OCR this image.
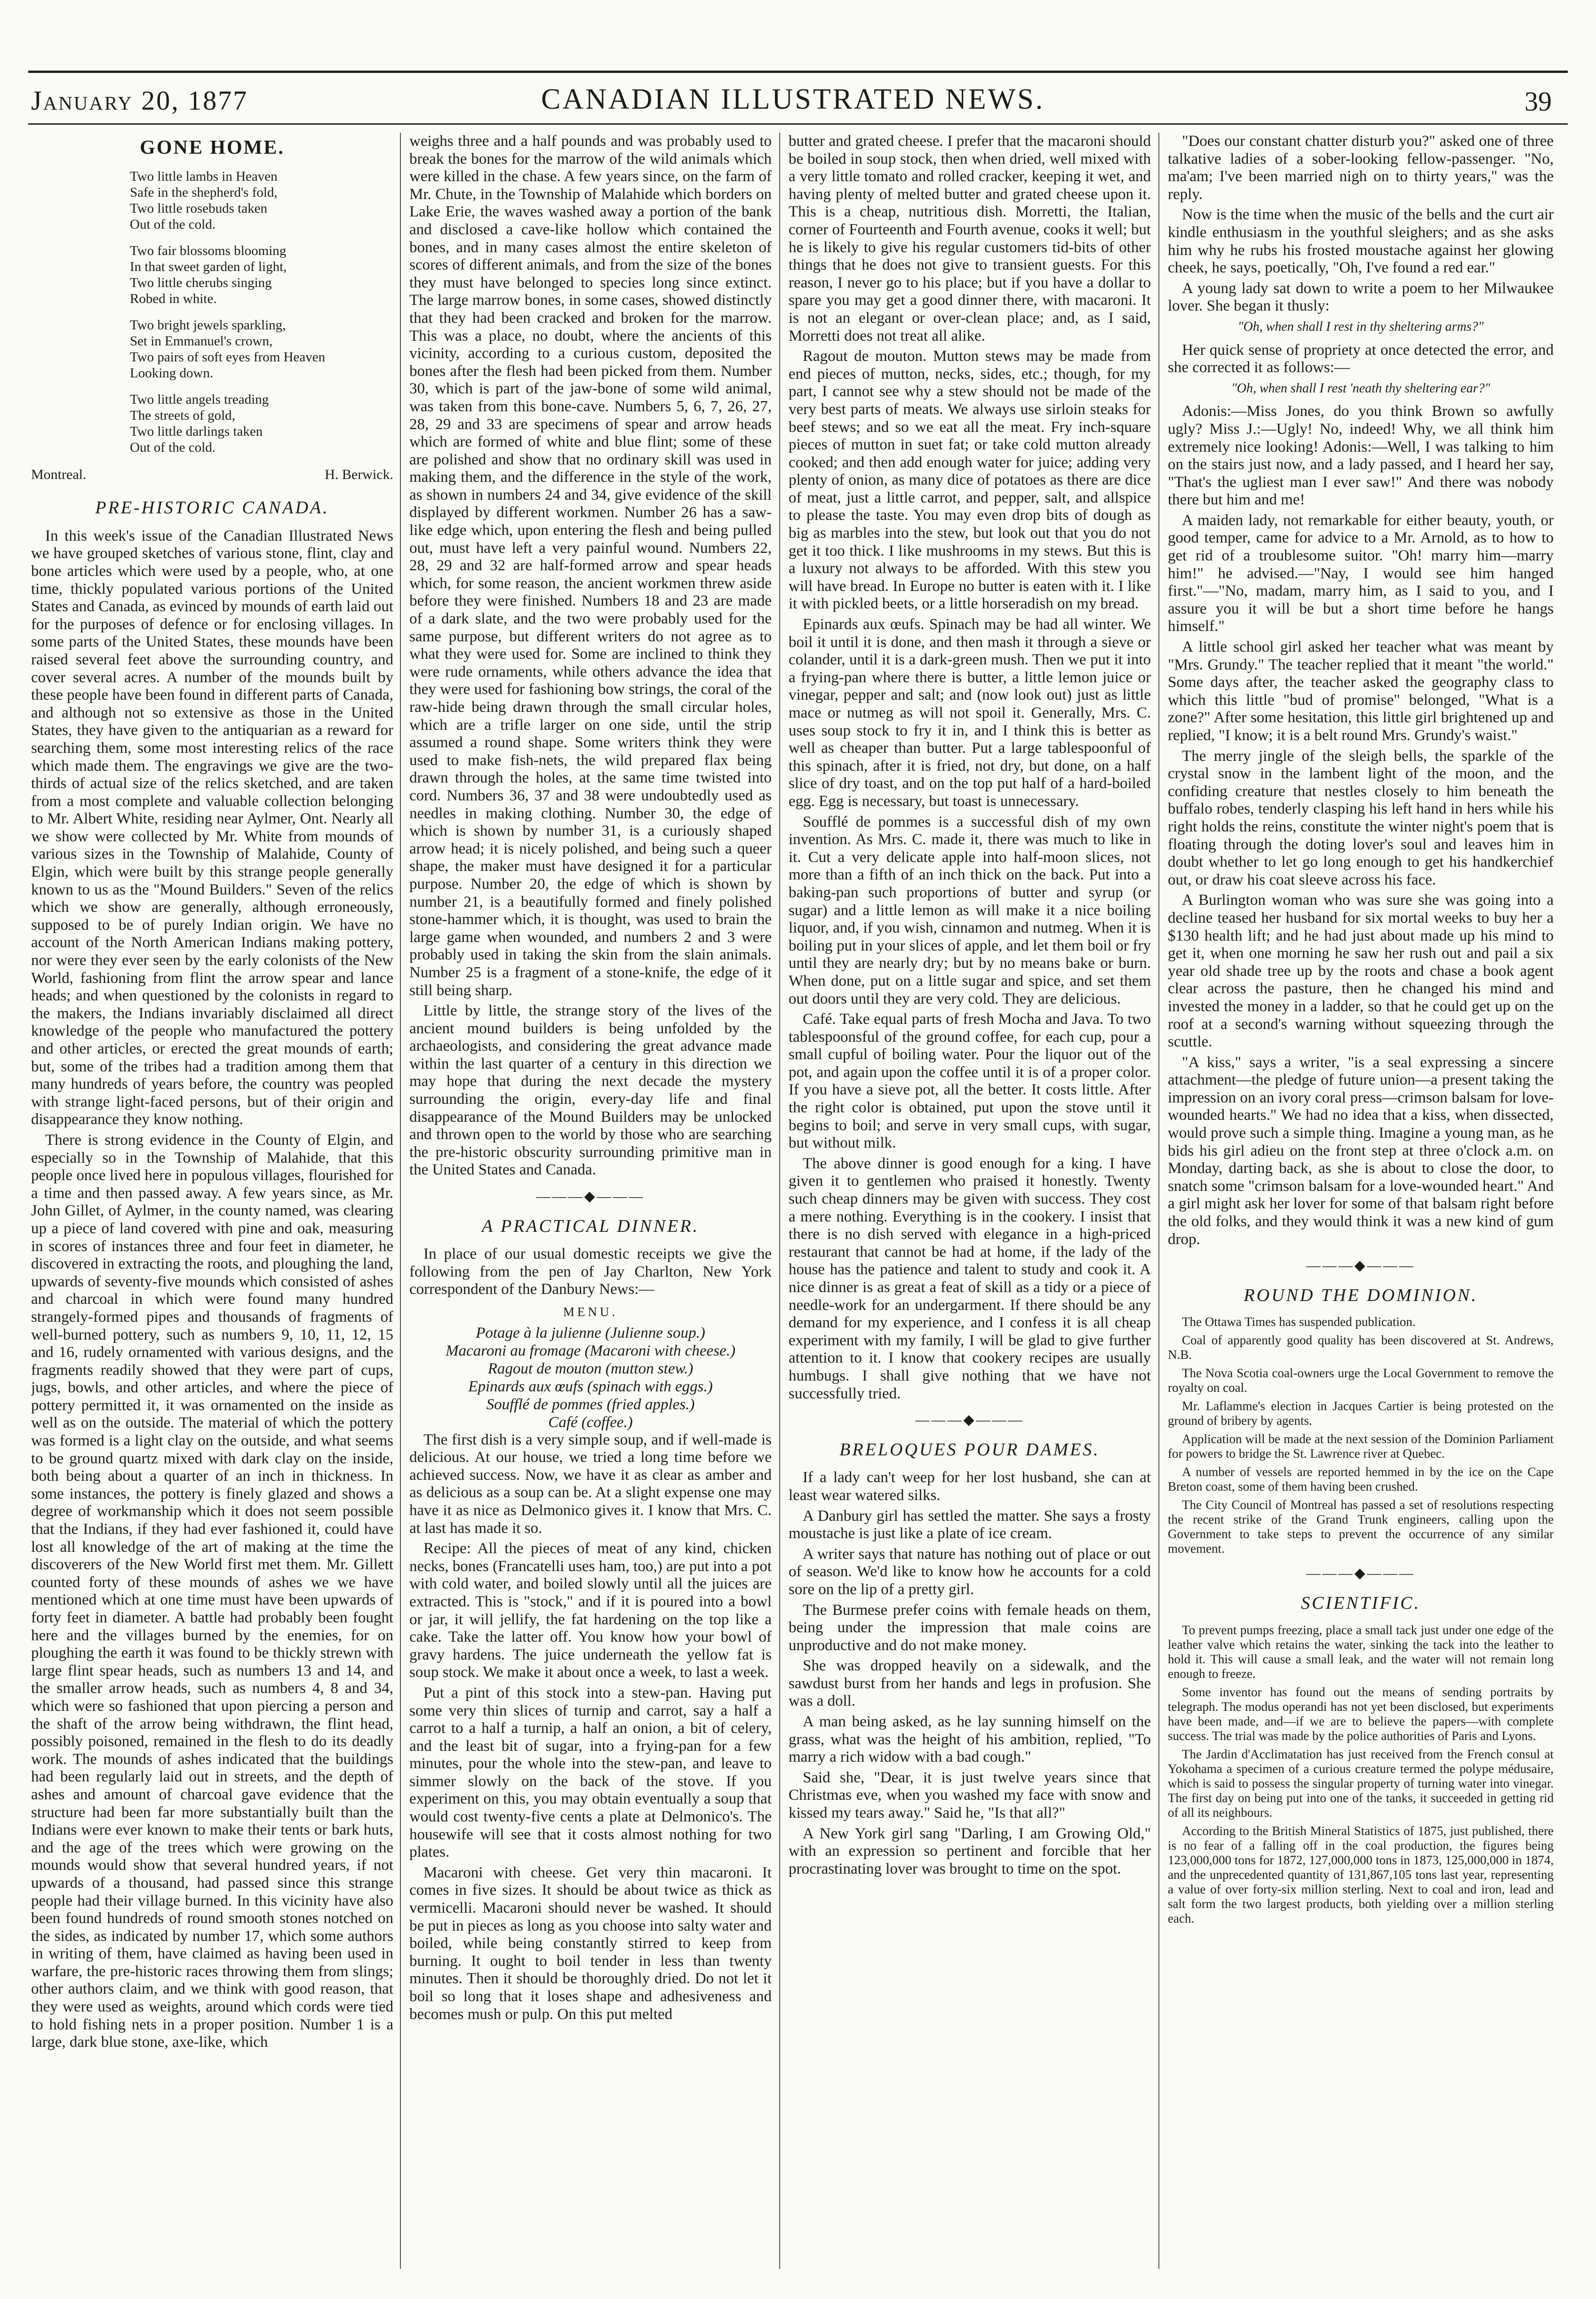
January 20, 1877	CANADIAN ILLUSTRATED NEWS.	39
GONE HOME.
Two little lambs in Heaven
Safe in the shepherd's fold,
Two little rosebuds taken
Out of the cold.
Two fair blossoms blooming
In that sweet garden of light,
Two little cherubs singing
Robed in white.
Two bright jewels sparkling,
Set in Emmanuel's crown,
Two pairs of soft eyes from Heaven
Looking down.
Two little angels treading
The streets of gold,
Two little darlings taken
Out of the cold.
Montreal.	H. Berwick.
PRE-HISTORIC CANADA.

In this week's issue of the Canadian Illustrated News we have grouped sketches of various stone, flint, clay and bone articles which were used by a people, who, at one time, thickly populated various portions of the United States and Canada, as evinced by mounds of earth laid out for the purposes of defence or for enclosing villages. In some parts of the United States, these mounds have been raised several feet above the surrounding country, and cover several acres. A number of the mounds built by these people have been found in different parts of Canada, and although not so extensive as those in the United States, they have given to the antiquarian as a reward for searching them, some most interesting relics of the race which made them. The engravings we give are the two-thirds of actual size of the relics sketched, and are taken from a most complete and valuable collection belonging to Mr. Albert White, residing near Aylmer, Ont. Nearly all we show were collected by Mr. White from mounds of various sizes in the Township of Malahide, County of Elgin, which were built by this strange people generally known to us as the "Mound Builders." Seven of the relics which we show are generally, although erroneously, supposed to be of purely Indian origin. We have no account of the North American Indians making pottery, nor were they ever seen by the early colonists of the New World, fashioning from flint the arrow spear and lance heads; and when questioned by the colonists in regard to the makers, the Indians invariably disclaimed all direct knowledge of the people who manufactured the pottery and other articles, or erected the great mounds of earth; but, some of the tribes had a tradition among them that many hundreds of years before, the country was peopled with strange light-faced persons, but of their origin and disappearance they know nothing.

There is strong evidence in the County of Elgin, and especially so in the Township of Malahide, that this people once lived here in populous villages, flourished for a time and then passed away. A few years since, as Mr. John Gillet, of Aylmer, in the county named, was clearing up a piece of land covered with pine and oak, measuring in scores of instances three and four feet in diameter, he discovered in extracting the roots, and ploughing the land, upwards of seventy-five mounds which consisted of ashes and charcoal in which were found many hundred strangely-formed pipes and thousands of fragments of well-burned pottery, such as numbers 9, 10, 11, 12, 15 and 16, rudely ornamented with various designs, and the fragments readily showed that they were part of cups, jugs, bowls, and other articles, and where the piece of pottery permitted it, it was ornamented on the inside as well as on the outside. The material of which the pottery was formed is a light clay on the outside, and what seems to be ground quartz mixed with dark clay on the inside, both being about a quarter of an inch in thickness. In some instances, the pottery is finely glazed and shows a degree of workmanship which it does not seem possible that the Indians, if they had ever fashioned it, could have lost all knowledge of the art of making at the time the discoverers of the New World first met them. Mr. Gillett counted forty of these mounds of ashes we we have mentioned which at one time must have been upwards of forty feet in diameter. A battle had probably been fought here and the villages burned by the enemies, for on ploughing the earth it was found to be thickly strewn with large flint spear heads, such as numbers 13 and 14, and the smaller arrow heads, such as numbers 4, 8 and 34, which were so fashioned that upon piercing a person and the shaft of the arrow being withdrawn, the flint head, possibly poisoned, remained in the flesh to do its deadly work. The mounds of ashes indicated that the buildings had been regularly laid out in streets, and the depth of ashes and amount of charcoal gave evidence that the structure had been far more substantially built than the Indians were ever known to make their tents or bark huts, and the age of the trees which were growing on the mounds would show that several hundred years, if not upwards of a thousand, had passed since this strange people had their village burned. In this vicinity have also been found hundreds of round smooth stones notched on the sides, as indicated by number 17, which some authors in writing of them, have claimed as having been used in warfare, the pre-historic races throwing them from slings; other authors claim, and we think with good reason, that they were used as weights, around which cords were tied to hold fishing nets in a proper position. Number 1 is a large, dark blue stone, axe-like, which

weighs three and a half pounds and was probably used to break the bones for the marrow of the wild animals which were killed in the chase. A few years since, on the farm of Mr. Chute, in the Township of Malahide which borders on Lake Erie, the waves washed away a portion of the bank and disclosed a cave-like hollow which contained the bones, and in many cases almost the entire skeleton of scores of different animals, and from the size of the bones they must have belonged to species long since extinct. The large marrow bones, in some cases, showed distinctly that they had been cracked and broken for the marrow. This was a place, no doubt, where the ancients of this vicinity, according to a curious custom, deposited the bones after the flesh had been picked from them. Number 30, which is part of the jaw-bone of some wild animal, was taken from this bone-cave. Numbers 5, 6, 7, 26, 27, 28, 29 and 33 are specimens of spear and arrow heads which are formed of white and blue flint; some of these are polished and show that no ordinary skill was used in making them, and the difference in the style of the work, as shown in numbers 24 and 34, give evidence of the skill displayed by different workmen. Number 26 has a saw-like edge which, upon entering the flesh and being pulled out, must have left a very painful wound. Numbers 22, 28, 29 and 32 are half-formed arrow and spear heads which, for some reason, the ancient workmen threw aside before they were finished. Numbers 18 and 23 are made of a dark slate, and the two were probably used for the same purpose, but different writers do not agree as to what they were used for. Some are inclined to think they were rude ornaments, while others advance the idea that they were used for fashioning bow strings, the coral of the raw-hide being drawn through the small circular holes, which are a trifle larger on one side, until the strip assumed a round shape. Some writers think they were used to make fish-nets, the wild prepared flax being drawn through the holes, at the same time twisted into cord. Numbers 36, 37 and 38 were undoubtedly used as needles in making clothing. Number 30, the edge of which is shown by number 31, is a curiously shaped arrow head; it is nicely polished, and being such a queer shape, the maker must have designed it for a particular purpose. Number 20, the edge of which is shown by number 21, is a beautifully formed and finely polished stone-hammer which, it is thought, was used to brain the large game when wounded, and numbers 2 and 3 were probably used in taking the skin from the slain animals. Number 25 is a fragment of a stone-knife, the edge of it still being sharp.

Little by little, the strange story of the lives of the ancient mound builders is being unfolded by the archaeologists, and considering the great advance made within the last quarter of a century in this direction we may hope that during the next decade the mystery surrounding the origin, every-day life and final disappearance of the Mound Builders may be unlocked and thrown open to the world by those who are searching the pre-historic obscurity surrounding primitive man in the United States and Canada.

———◆———
A PRACTICAL DINNER.

In place of our usual domestic receipts we give the following from the pen of Jay Charlton, New York correspondent of the Danbury News:—

MENU.
Potage à la julienne (Julienne soup.)
Macaroni au fromage (Macaroni with cheese.)
Ragout de mouton (mutton stew.)
Epinards aux œufs (spinach with eggs.)
Soufflé de pommes (fried apples.)
Café (coffee.)

The first dish is a very simple soup, and if well-made is delicious. At our house, we tried a long time before we achieved success. Now, we have it as clear as amber and as delicious as a soup can be. At a slight expense one may have it as nice as Delmonico gives it. I know that Mrs. C. at last has made it so.

Recipe: All the pieces of meat of any kind, chicken necks, bones (Francatelli uses ham, too,) are put into a pot with cold water, and boiled slowly until all the juices are extracted. This is "stock," and if it is poured into a bowl or jar, it will jellify, the fat hardening on the top like a cake. Take the latter off. You know how your bowl of gravy hardens. The juice underneath the yellow fat is soup stock. We make it about once a week, to last a week.

Put a pint of this stock into a stew-pan. Having put some very thin slices of turnip and carrot, say a half a carrot to a half a turnip, a half an onion, a bit of celery, and the least bit of sugar, into a frying-pan for a few minutes, pour the whole into the stew-pan, and leave to simmer slowly on the back of the stove. If you experiment on this, you may obtain eventually a soup that would cost twenty-five cents a plate at Delmonico's. The housewife will see that it costs almost nothing for two plates.

Macaroni with cheese. Get very thin macaroni. It comes in five sizes. It should be about twice as thick as vermicelli. Macaroni should never be washed. It should be put in pieces as long as you choose into salty water and boiled, while being constantly stirred to keep from burning. It ought to boil tender in less than twenty minutes. Then it should be thoroughly dried. Do not let it boil so long that it loses shape and adhesiveness and becomes mush or pulp. On this put melted

butter and grated cheese. I prefer that the macaroni should be boiled in soup stock, then when dried, well mixed with a very little tomato and rolled cracker, keeping it wet, and having plenty of melted butter and grated cheese upon it. This is a cheap, nutritious dish. Morretti, the Italian, corner of Fourteenth and Fourth avenue, cooks it well; but he is likely to give his regular customers tid-bits of other things that he does not give to transient guests. For this reason, I never go to his place; but if you have a dollar to spare you may get a good dinner there, with macaroni. It is not an elegant or over-clean place; and, as I said, Morretti does not treat all alike.

Ragout de mouton. Mutton stews may be made from end pieces of mutton, necks, sides, etc.; though, for my part, I cannot see why a stew should not be made of the very best parts of meats. We always use sirloin steaks for beef stews; and so we eat all the meat. Fry inch-square pieces of mutton in suet fat; or take cold mutton already cooked; and then add enough water for juice; adding very plenty of onion, as many dice of potatoes as there are dice of meat, just a little carrot, and pepper, salt, and allspice to please the taste. You may even drop bits of dough as big as marbles into the stew, but look out that you do not get it too thick. I like mushrooms in my stews. But this is a luxury not always to be afforded. With this stew you will have bread. In Europe no butter is eaten with it. I like it with pickled beets, or a little horseradish on my bread.

Epinards aux œufs. Spinach may be had all winter. We boil it until it is done, and then mash it through a sieve or colander, until it is a dark-green mush. Then we put it into a frying-pan where there is butter, a little lemon juice or vinegar, pepper and salt; and (now look out) just as little mace or nutmeg as will not spoil it. Generally, Mrs. C. uses soup stock to fry it in, and I think this is better as well as cheaper than butter. Put a large tablespoonful of this spinach, after it is fried, not dry, but done, on a half slice of dry toast, and on the top put half of a hard-boiled egg. Egg is necessary, but toast is unnecessary.

Soufflé de pommes is a successful dish of my own invention. As Mrs. C. made it, there was much to like in it. Cut a very delicate apple into half-moon slices, not more than a fifth of an inch thick on the back. Put into a baking-pan such proportions of butter and syrup (or sugar) and a little lemon as will make it a nice boiling liquor, and, if you wish, cinnamon and nutmeg. When it is boiling put in your slices of apple, and let them boil or fry until they are nearly dry; but by no means bake or burn. When done, put on a little sugar and spice, and set them out doors until they are very cold. They are delicious.

Café. Take equal parts of fresh Mocha and Java. To two tablespoonsful of the ground coffee, for each cup, pour a small cupful of boiling water. Pour the liquor out of the pot, and again upon the coffee until it is of a proper color. If you have a sieve pot, all the better. It costs little. After the right color is obtained, put upon the stove until it begins to boil; and serve in very small cups, with sugar, but without milk.

The above dinner is good enough for a king. I have given it to gentlemen who praised it honestly. Twenty such cheap dinners may be given with success. They cost a mere nothing. Everything is in the cookery. I insist that there is no dish served with elegance in a high-priced restaurant that cannot be had at home, if the lady of the house has the patience and talent to study and cook it. A nice dinner is as great a feat of skill as a tidy or a piece of needle-work for an undergarment. If there should be any demand for my experience, and I confess it is all cheap experiment with my family, I will be glad to give further attention to it. I know that cookery recipes are usually humbugs. I shall give nothing that we have not successfully tried.

———◆———
BRELOQUES POUR DAMES.

If a lady can't weep for her lost husband, she can at least wear watered silks.

A Danbury girl has settled the matter. She says a frosty moustache is just like a plate of ice cream.

A writer says that nature has nothing out of place or out of season. We'd like to know how he accounts for a cold sore on the lip of a pretty girl.

The Burmese prefer coins with female heads on them, being under the impression that male coins are unproductive and do not make money.

She was dropped heavily on a sidewalk, and the sawdust burst from her hands and legs in profusion. She was a doll.

A man being asked, as he lay sunning himself on the grass, what was the height of his ambition, replied, "To marry a rich widow with a bad cough."

Said she, "Dear, it is just twelve years since that Christmas eve, when you washed my face with snow and kissed my tears away." Said he, "Is that all?"

A New York girl sang "Darling, I am Growing Old," with an expression so pertinent and forcible that her procrastinating lover was brought to time on the spot.

"Does our constant chatter disturb you?" asked one of three talkative ladies of a sober-looking fellow-passenger. "No, ma'am; I've been married nigh on to thirty years," was the reply.

Now is the time when the music of the bells and the curt air kindle enthusiasm in the youthful sleighers; and as she asks him why he rubs his frosted moustache against her glowing cheek, he says, poetically, "Oh, I've found a red ear."

A young lady sat down to write a poem to her Milwaukee lover. She began it thusly:

"Oh, when shall I rest in thy sheltering arms?"

Her quick sense of propriety at once detected the error, and she corrected it as follows:—

"Oh, when shall I rest 'neath thy sheltering ear?"

Adonis:—Miss Jones, do you think Brown so awfully ugly? Miss J.:—Ugly! No, indeed! Why, we all think him extremely nice looking! Adonis:—Well, I was talking to him on the stairs just now, and a lady passed, and I heard her say, "That's the ugliest man I ever saw!" And there was nobody there but him and me!

A maiden lady, not remarkable for either beauty, youth, or good temper, came for advice to a Mr. Arnold, as to how to get rid of a troublesome suitor. "Oh! marry him—marry him!" he advised.—"Nay, I would see him hanged first."—"No, madam, marry him, as I said to you, and I assure you it will be but a short time before he hangs himself."

A little school girl asked her teacher what was meant by "Mrs. Grundy." The teacher replied that it meant "the world." Some days after, the teacher asked the geography class to which this little "bud of promise" belonged, "What is a zone?" After some hesitation, this little girl brightened up and replied, "I know; it is a belt round Mrs. Grundy's waist."

The merry jingle of the sleigh bells, the sparkle of the crystal snow in the lambent light of the moon, and the confiding creature that nestles closely to him beneath the buffalo robes, tenderly clasping his left hand in hers while his right holds the reins, constitute the winter night's poem that is floating through the doting lover's soul and leaves him in doubt whether to let go long enough to get his handkerchief out, or draw his coat sleeve across his face.

A Burlington woman who was sure she was going into a decline teased her husband for six mortal weeks to buy her a $130 health lift; and he had just about made up his mind to get it, when one morning he saw her rush out and pail a six year old shade tree up by the roots and chase a book agent clear across the pasture, then he changed his mind and invested the money in a ladder, so that he could get up on the roof at a second's warning without squeezing through the scuttle.

"A kiss," says a writer, "is a seal expressing a sincere attachment—the pledge of future union—a present taking the impression on an ivory coral press—crimson balsam for love-wounded hearts." We had no idea that a kiss, when dissected, would prove such a simple thing. Imagine a young man, as he bids his girl adieu on the front step at three o'clock a.m. on Monday, darting back, as she is about to close the door, to snatch some "crimson balsam for a love-wounded heart." And a girl might ask her lover for some of that balsam right before the old folks, and they would think it was a new kind of gum drop.

———◆———
ROUND THE DOMINION.
The Ottawa Times has suspended publication.
Coal of apparently good quality has been discovered at St. Andrews, N.B.
The Nova Scotia coal-owners urge the Local Government to remove the royalty on coal.
Mr. Laflamme's election in Jacques Cartier is being protested on the ground of bribery by agents.
Application will be made at the next session of the Dominion Parliament for powers to bridge the St. Lawrence river at Quebec.
A number of vessels are reported hemmed in by the ice on the Cape Breton coast, some of them having been crushed.
The City Council of Montreal has passed a set of resolutions respecting the recent strike of the Grand Trunk engineers, calling upon the Government to take steps to prevent the occurrence of any similar movement.
———◆———
SCIENTIFIC.
To prevent pumps freezing, place a small tack just under one edge of the leather valve which retains the water, sinking the tack into the leather to hold it. This will cause a small leak, and the water will not remain long enough to freeze.
Some inventor has found out the means of sending portraits by telegraph. The modus operandi has not yet been disclosed, but experiments have been made, and—if we are to believe the papers—with complete success. The trial was made by the police authorities of Paris and Lyons.
The Jardin d'Acclimatation has just received from the French consul at Yokohama a specimen of a curious creature termed the polype médusaire, which is said to possess the singular property of turning water into vinegar. The first day on being put into one of the tanks, it succeeded in getting rid of all its neighbours.
According to the British Mineral Statistics of 1875, just published, there is no fear of a falling off in the coal production, the figures being 123,000,000 tons for 1872, 127,000,000 tons in 1873, 125,000,000 in 1874, and the unprecedented quantity of 131,867,105 tons last year, representing a value of over forty-six million sterling. Next to coal and iron, lead and salt form the two largest products, both yielding over a million sterling each.
